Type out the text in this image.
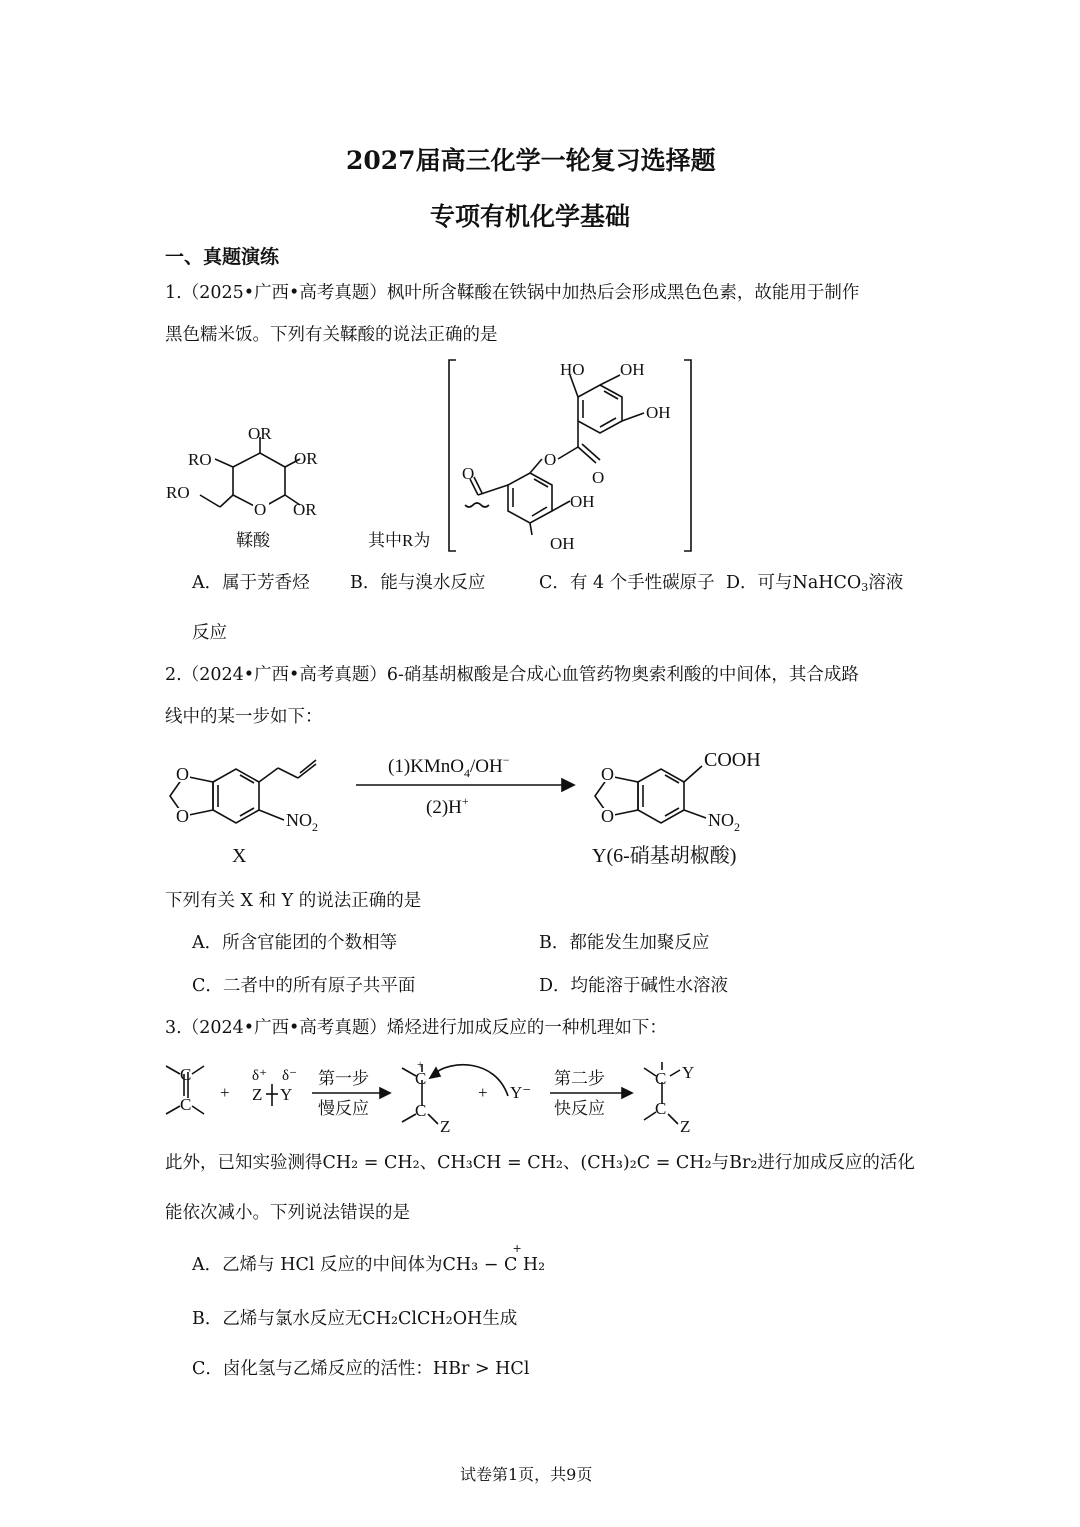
2027届高三化学一轮复习选择题
专项有机化学基础
一、真题演练
1.（2025•广西•高考真题）枫叶所含鞣酸在铁锅中加热后会形成黑色色素，故能用于制作
黑色糯米饭。下列有关鞣酸的说法正确的是
O
OR
RO	OR
RO
OR
鞣酸	其中R为
HO OH
OH
O
O
O
OH
OH
A．属于芳香烃 B．能与溴水反应	C．有 4 个手性碳原子 D．可与NaHCO$_3$溶液
反应
2.（2024•广西•高考真题）6-硝基胡椒酸是合成心血管药物奥索利酸的中间体，其合成路
线中的某一步如下：
O
O	$NO_2$
X
(1)KMnO$_4$/OH−
(2)H+
O
O
COOH
$NO_2$
Y(6-硝基胡椒酸)
下列有关 X 和 Y 的说法正确的是
A．所含官能团的个数相等	B．都能发生加聚反应
C．二者中的所有原子共平面	D．均能溶于碱性水溶液
3.（2024•广西•高考真题）烯烃进行加成反应的一种机理如下：
C
C
+
δ⁺ δ⁻
Z Y
第一步
慢反应
C
+
C
Z
+ Y⁻
第二步
快反应
C Y
C
Z
此外，已知实验测得CH₂ = CH₂、CH₃CH = CH₂、(CH₃)₂C = CH₂与Br₂进行加成反应的活化
能依次减小。下列说法错误的是
A．乙烯与 HCl 反应的中间体为CH₃ − C H₂
+
B．乙烯与氯水反应无CH₂ClCH₂OH生成
C．卤化氢与乙烯反应的活性：HBr > HCl
试卷第1页，共9页
